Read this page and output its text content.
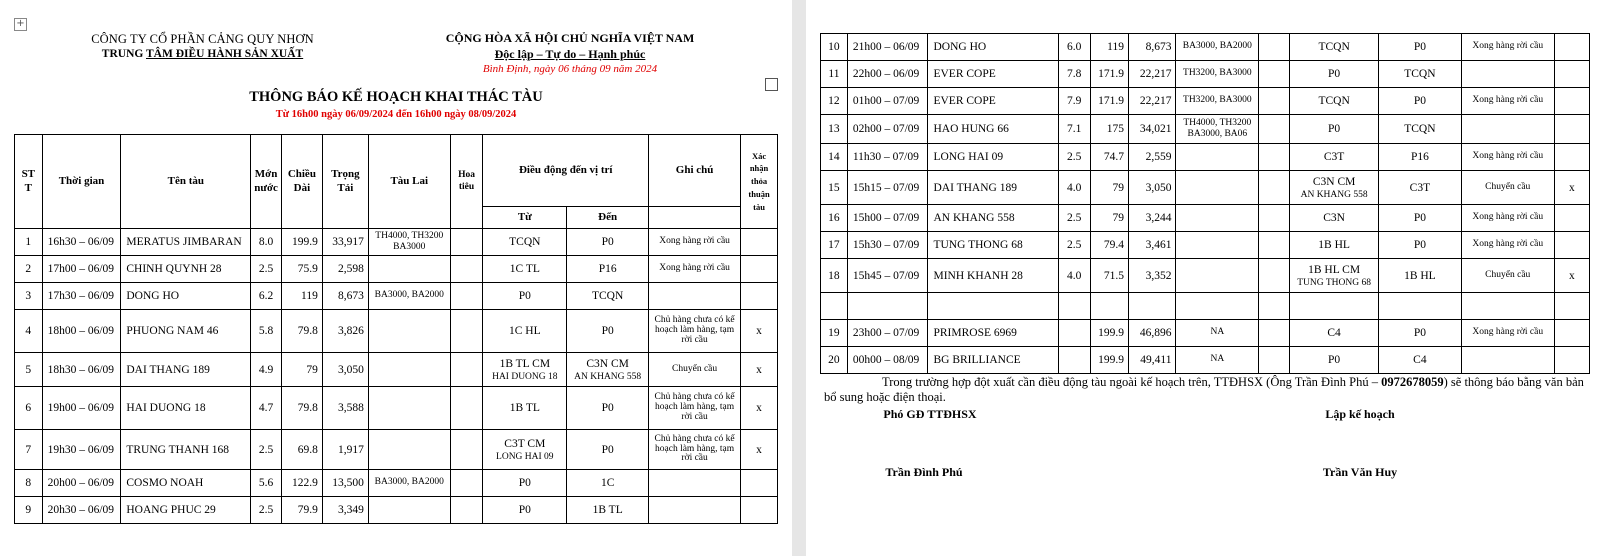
+
CÔNG TY CỔ PHẦN CẢNG QUY NHƠN
TRUNG TÂM ĐIỀU HÀNH SẢN XUẤT
CỘNG HÒA XÃ HỘI CHỦ NGHĨA VIỆT NAM
Độc lập – Tự do – Hạnh phúc
Bình Định, ngày 06 tháng 09 năm 2024
THÔNG BÁO KẾ HOẠCH KHAI THÁC TÀU
Từ 16h00 ngày 06/09/2024 đến 16h00 ngày 08/09/2024
ST T	Thời gian	Tên tàu	Mớn nước	Chiều Dài	Trọng Tải	Tàu Lai	Hoa tiêu	Điều động đến vị trí		Ghi chú	Xác nhận thỏa thuận tàu
								Từ	Đến		
1	16h30 – 06/09	MERATUS JIMBARAN	8.0	199.9	33,917	TH4000, TH3200 BA3000		TCQN	P0	Xong hàng rời cầu	
2	17h00 – 06/09	CHINH QUYNH 28	2.5	75.9	2,598			1C TL	P16	Xong hàng rời cầu	
3	17h30 – 06/09	DONG HO	6.2	119	8,673	BA3000, BA2000		P0	TCQN		
4	18h00 – 06/09	PHUONG NAM 46	5.8	79.8	3,826			1C HL	P0	Chủ hàng chưa có kế hoạch làm hàng, tạm rời cầu	x
5	18h30 – 06/09	DAI THANG 189	4.9	79	3,050			1B TL CM
HAI DUONG 18	C3N CM
AN KHANG 558	Chuyển cầu	x
6	19h00 – 06/09	HAI DUONG 18	4.7	79.8	3,588			1B TL	P0	Chủ hàng chưa có kế hoạch làm hàng, tạm rời cầu	x
7	19h30 – 06/09	TRUNG THANH 168	2.5	69.8	1,917			C3T CM
LONG HAI 09	P0	Chủ hàng chưa có kế hoạch làm hàng, tạm rời cầu	x
8	20h00 – 06/09	COSMO NOAH	5.6	122.9	13,500	BA3000, BA2000		P0	1C		
9	20h30 – 06/09	HOANG PHUC 29	2.5	79.9	3,349			P0	1B TL		
10	21h00 – 06/09	DONG HO	6.0	119	8,673	BA3000, BA2000		TCQN	P0	Xong hàng rời cầu	
11	22h00 – 06/09	EVER COPE	7.8	171.9	22,217	TH3200, BA3000		P0	TCQN		
12	01h00 – 07/09	EVER COPE	7.9	171.9	22,217	TH3200, BA3000		TCQN	P0	Xong hàng rời cầu	
13	02h00 – 07/09	HAO HUNG 66	7.1	175	34,021	TH4000, TH3200 BA3000, BA06		P0	TCQN		
14	11h30 – 07/09	LONG HAI 09	2.5	74.7	2,559			C3T	P16	Xong hàng rời cầu	
15	15h15 – 07/09	DAI THANG 189	4.0	79	3,050			C3N CM
AN KHANG 558	C3T	Chuyển cầu	x
16	15h00 – 07/09	AN KHANG 558	2.5	79	3,244			C3N	P0	Xong hàng rời cầu	
17	15h30 – 07/09	TUNG THONG 68	2.5	79.4	3,461			1B HL	P0	Xong hàng rời cầu	
18	15h45 – 07/09	MINH KHANH 28	4.0	71.5	3,352			1B HL CM
TUNG THONG 68	1B HL	Chuyển cầu	x

19	23h00 – 07/09	PRIMROSE 6969		199.9	46,896	NA		C4	P0	Xong hàng rời cầu	
20	00h00 – 08/09	BG BRILLIANCE		199.9	49,411	NA		P0	C4		
Trong trường hợp đột xuất cần điều động tàu ngoài kế hoạch trên, TTĐHSX (Ông Trần Đình Phú – 0972678059) sẽ thông báo bằng văn bản bổ sung hoặc điện thoại.
Phó GĐ TTĐHSX	Lập kế hoạch
Trần Đình Phú	Trần Văn Huy
